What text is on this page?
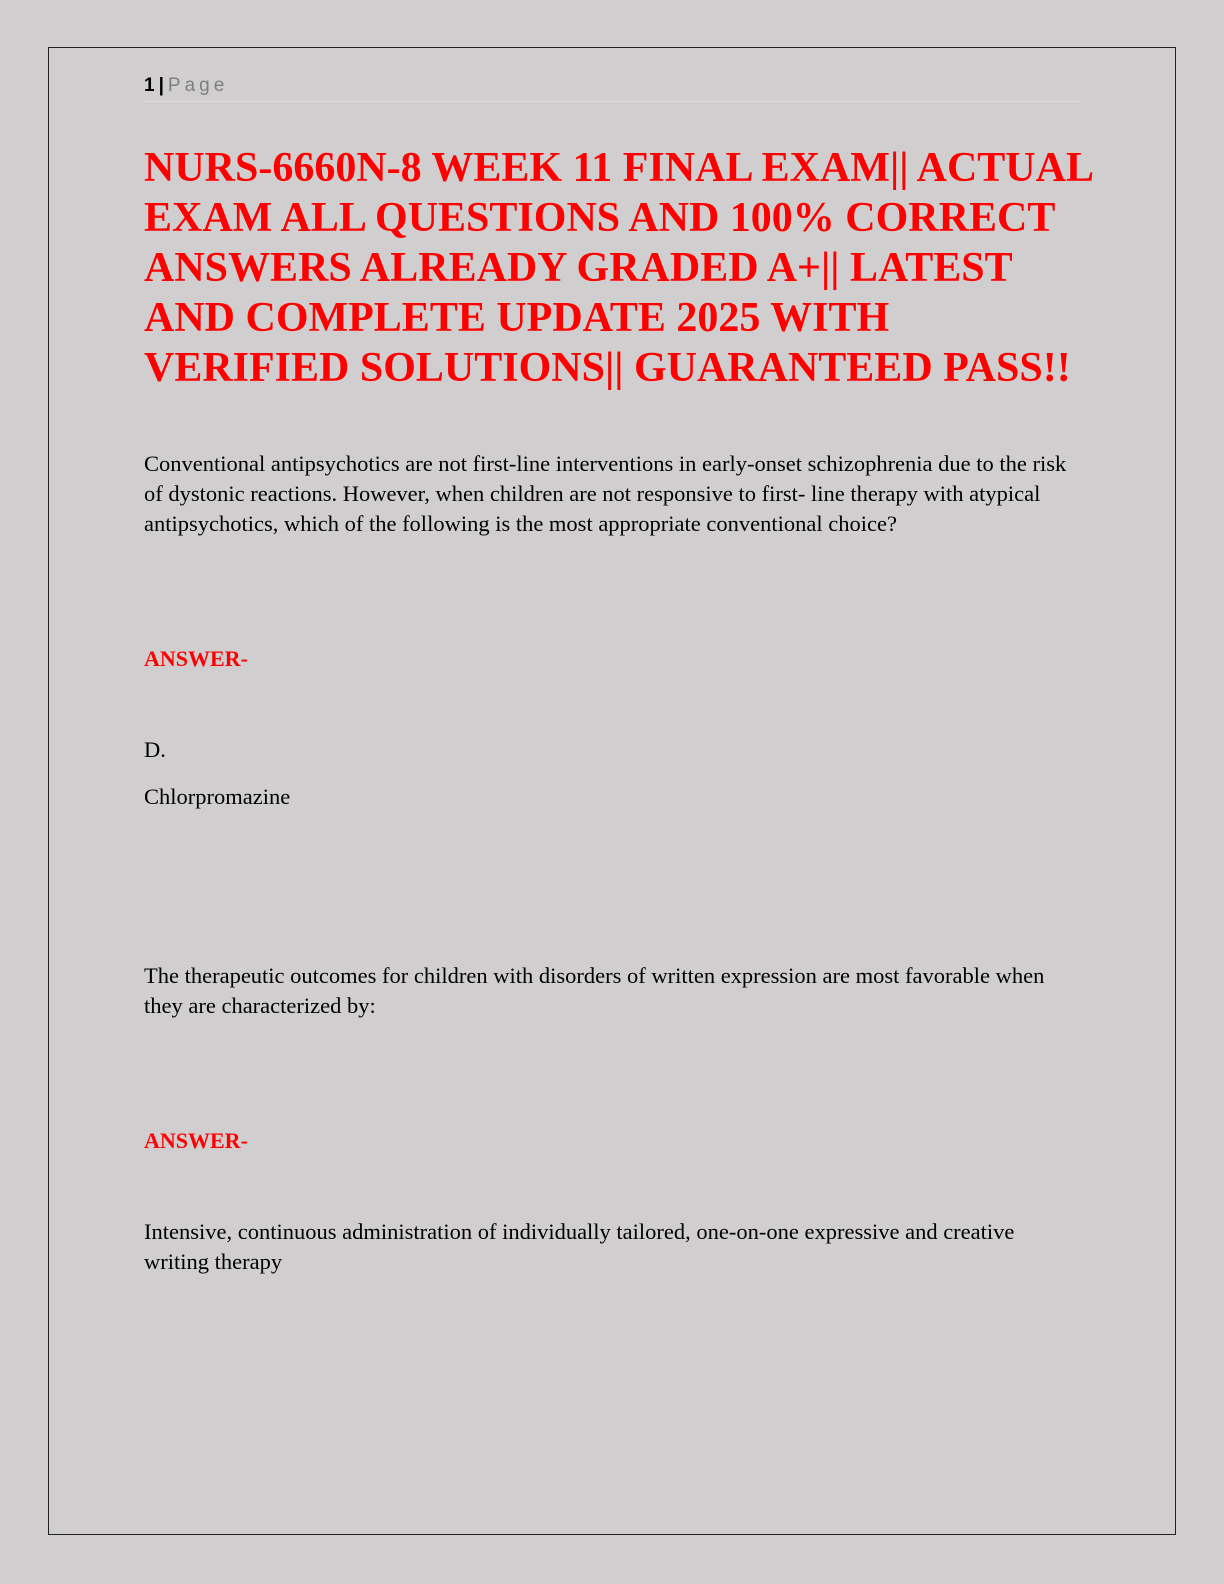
1 | Page
NURS-6660N-8 WEEK 11 FINAL EXAM|| ACTUAL EXAM ALL QUESTIONS AND 100% CORRECT ANSWERS ALREADY GRADED A+|| LATEST AND COMPLETE UPDATE 2025 WITH VERIFIED SOLUTIONS|| GUARANTEED PASS!!

Conventional antipsychotics are not first-line interventions in early-onset schizophrenia due to the risk of dystonic reactions. However, when children are not responsive to first- line therapy with atypical antipsychotics, which of the following is the most appropriate conventional choice?

ANSWER-

D.

Chlorpromazine

The therapeutic outcomes for children with disorders of written expression are most favorable when they are characterized by:

ANSWER-

Intensive, continuous administration of individually tailored, one-on-one expressive and creative writing therapy
